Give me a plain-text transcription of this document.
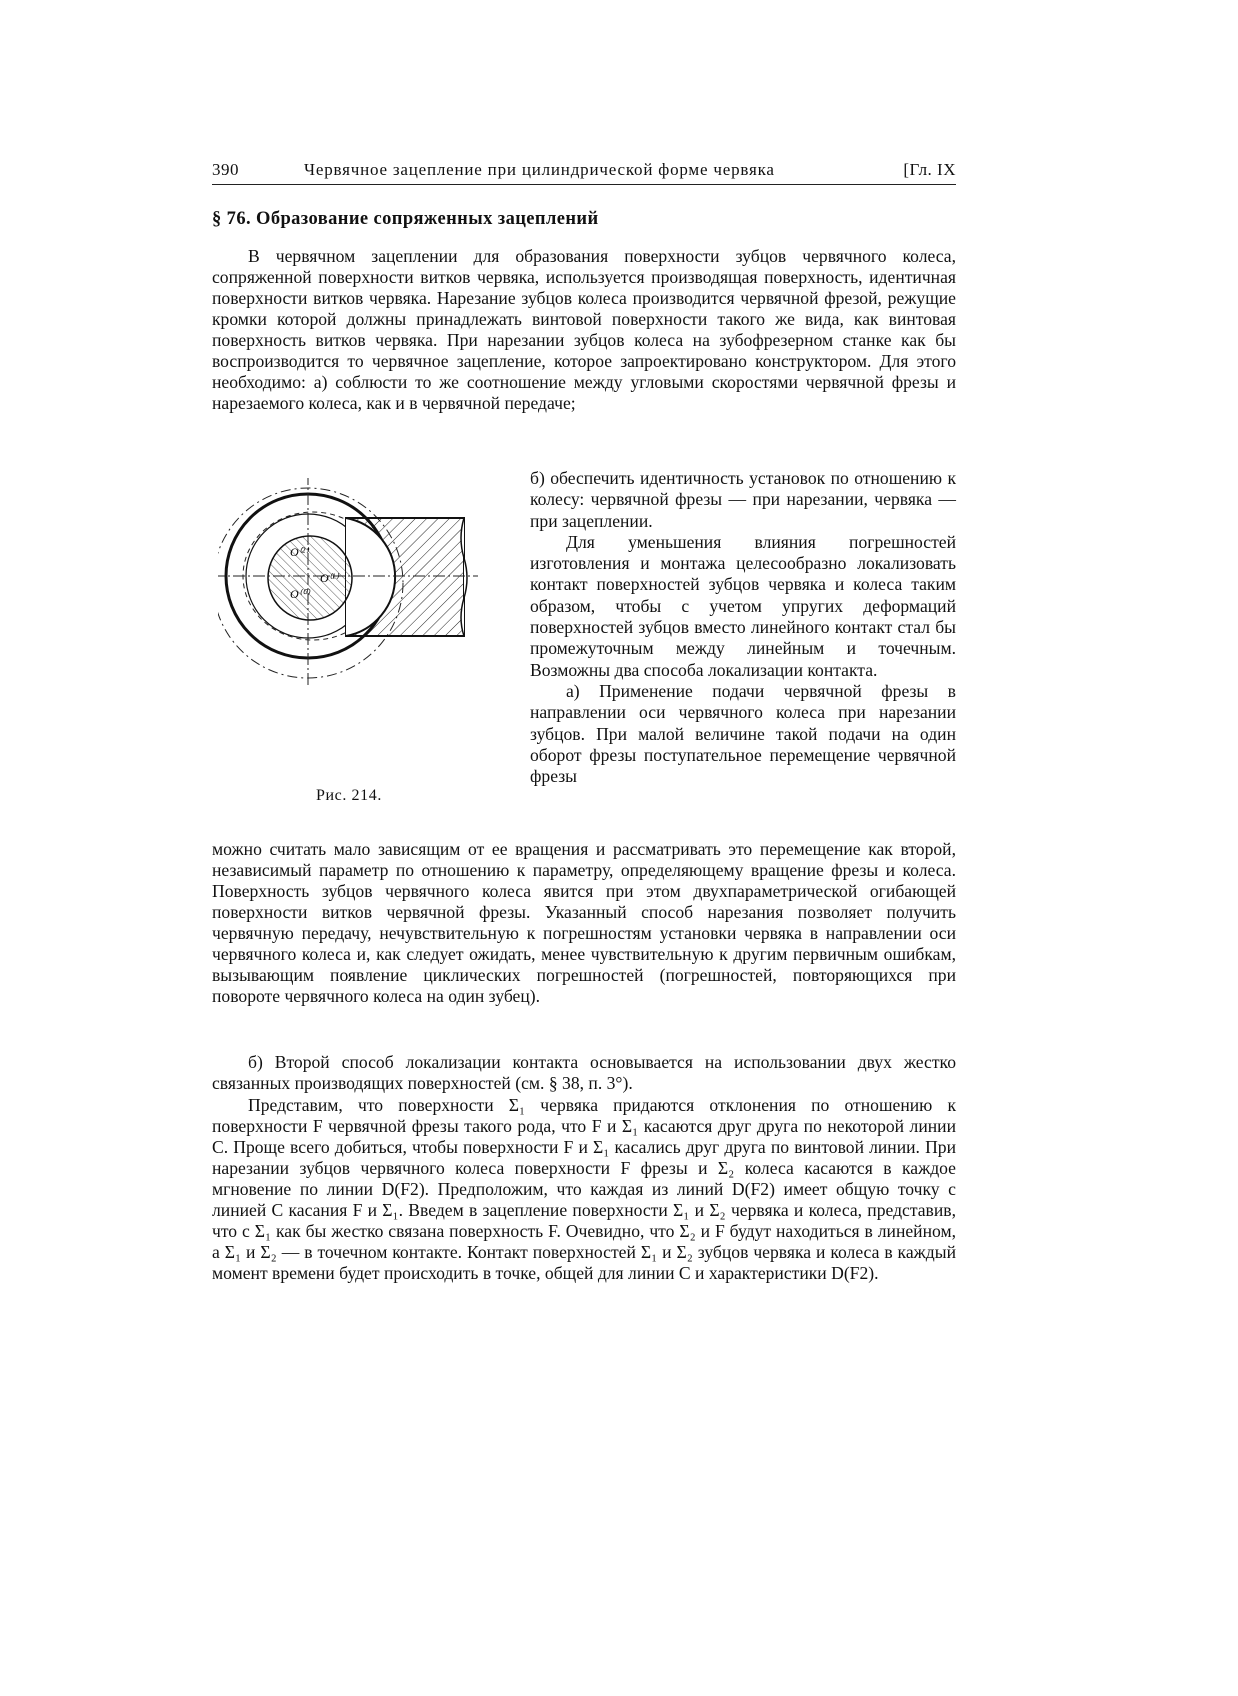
390	Червячное зацепление при цилиндрической форме червяка	[Гл. IX
§ 76. Образование сопряженных зацеплений

В червячном зацеплении для образования поверхности зубцов червячного колеса, сопряженной поверхности витков червяка, используется производящая поверхность, идентичная поверхности витков червяка. Нарезание зубцов колеса производится червячной фрезой, режущие кромки которой должны принадлежать винтовой поверхности такого же вида, как винтовая поверхность витков червяка. При нарезании зубцов колеса на зубофрезерном станке как бы воспроизводится то червячное зацепление, которое запроектировано конструктором. Для этого необходимо: а) соблюсти то же соотношение между угловыми скоростями червячной фрезы и нарезаемого колеса, как и в червячной передаче;

O⁽²⁾
O⁽¹⁾
O⁽⁰⁾
Рис. 214.

б) обеспечить идентичность установок по отношению к колесу: червячной фрезы — при нарезании, червяка — при зацеплении.

Для уменьшения влияния погрешностей изготовления и монтажа целесообразно локализовать контакт поверхностей зубцов червяка и колеса таким образом, чтобы с учетом упругих деформаций поверхностей зубцов вместо линейного контакт стал бы промежуточным между линейным и точечным. Возможны два способа локализации контакта.

а) Применение подачи червячной фрезы в направлении оси червячного колеса при нарезании зубцов. При малой величине такой подачи на один оборот фрезы поступательное перемещение червячной фрезы

можно считать мало зависящим от ее вращения и рассматривать это перемещение как второй, независимый параметр по отношению к параметру, определяющему вращение фрезы и колеса. Поверхность зубцов червячного колеса явится при этом двухпараметрической огибающей поверхности витков червячной фрезы. Указанный способ нарезания позволяет получить червячную передачу, нечувствительную к погрешностям установки червяка в направлении оси червячного колеса и, как следует ожидать, менее чувствительную к другим первичным ошибкам, вызывающим появление циклических погрешностей (погрешностей, повторяющихся при повороте червячного колеса на один зубец).

б) Второй способ локализации контакта основывается на использовании двух жестко связанных производящих поверхностей (см. § 38, п. 3°).

Представим, что поверхности Σ₁ червяка придаются отклонения по отношению к поверхности F червячной фрезы такого рода, что F и Σ₁ касаются друг друга по некоторой линии C. Проще всего добиться, чтобы поверхности F и Σ₁ касались друг друга по винтовой линии. При нарезании зубцов червячного колеса поверхности F фрезы и Σ₂ колеса касаются в каждое мгновение по линии D(F2). Предположим, что каждая из линий D(F2) имеет общую точку с линией C касания F и Σ₁. Введем в зацепление поверхности Σ₁ и Σ₂ червяка и колеса, представив, что с Σ₁ как бы жестко связана поверхность F. Очевидно, что Σ₂ и F будут находиться в линейном, а Σ₁ и Σ₂ — в точечном контакте. Контакт поверхностей Σ₁ и Σ₂ зубцов червяка и колеса в каждый момент времени будет происходить в точке, общей для линии C и характеристики D(F2).
